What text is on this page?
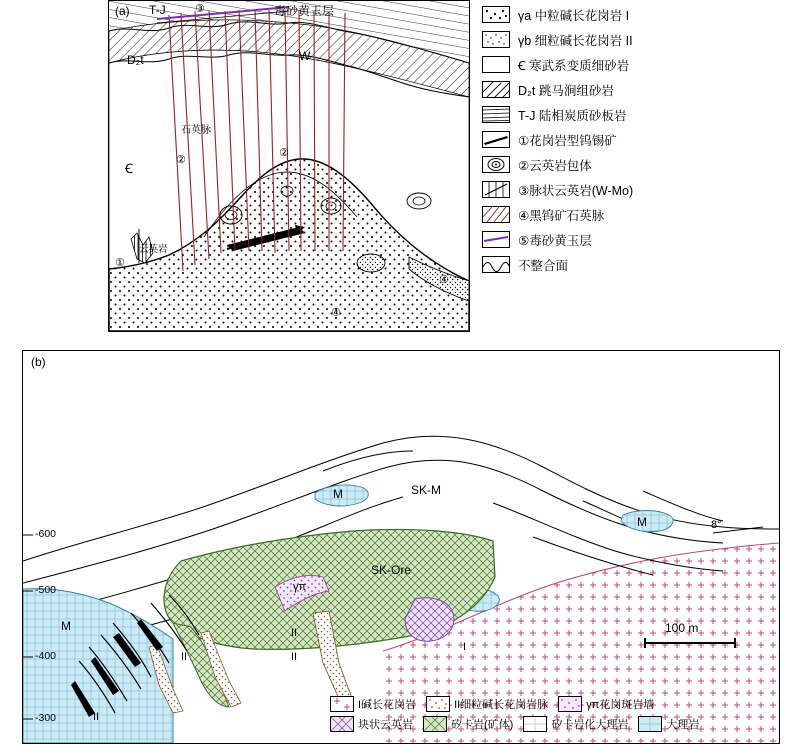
(a) T-J	毒砂黄玉层
D₂t	W
石英脉
Ꞓ
云英岩
④
④
③
②
②
①
γa 中粒碱长花岗岩 I
γb 细粒碱长花岗岩 II
Ꞓ 寒武系变质细砂岩
D₂t 跳马涧组砂岩
T-J 陆相炭质砂板岩
①花岗岩型钨锡矿
②云英岩包体
③脉状云英岩(W-Mo)
④黑钨矿石英脉
⑤毒砂黄玉层
不整合面
(b)
-600
-500
-400
-300
SK-M
SK-Ore
M
M
M
γπ
II
II
II
II
I
8°
100 m
I碱长花岗岩	II细粒碱长花岗岩脉	γπ花岗斑岩墙
块状云英岩	矽卡岩(矿体)	矽卡岩化大理岩	大理岩
